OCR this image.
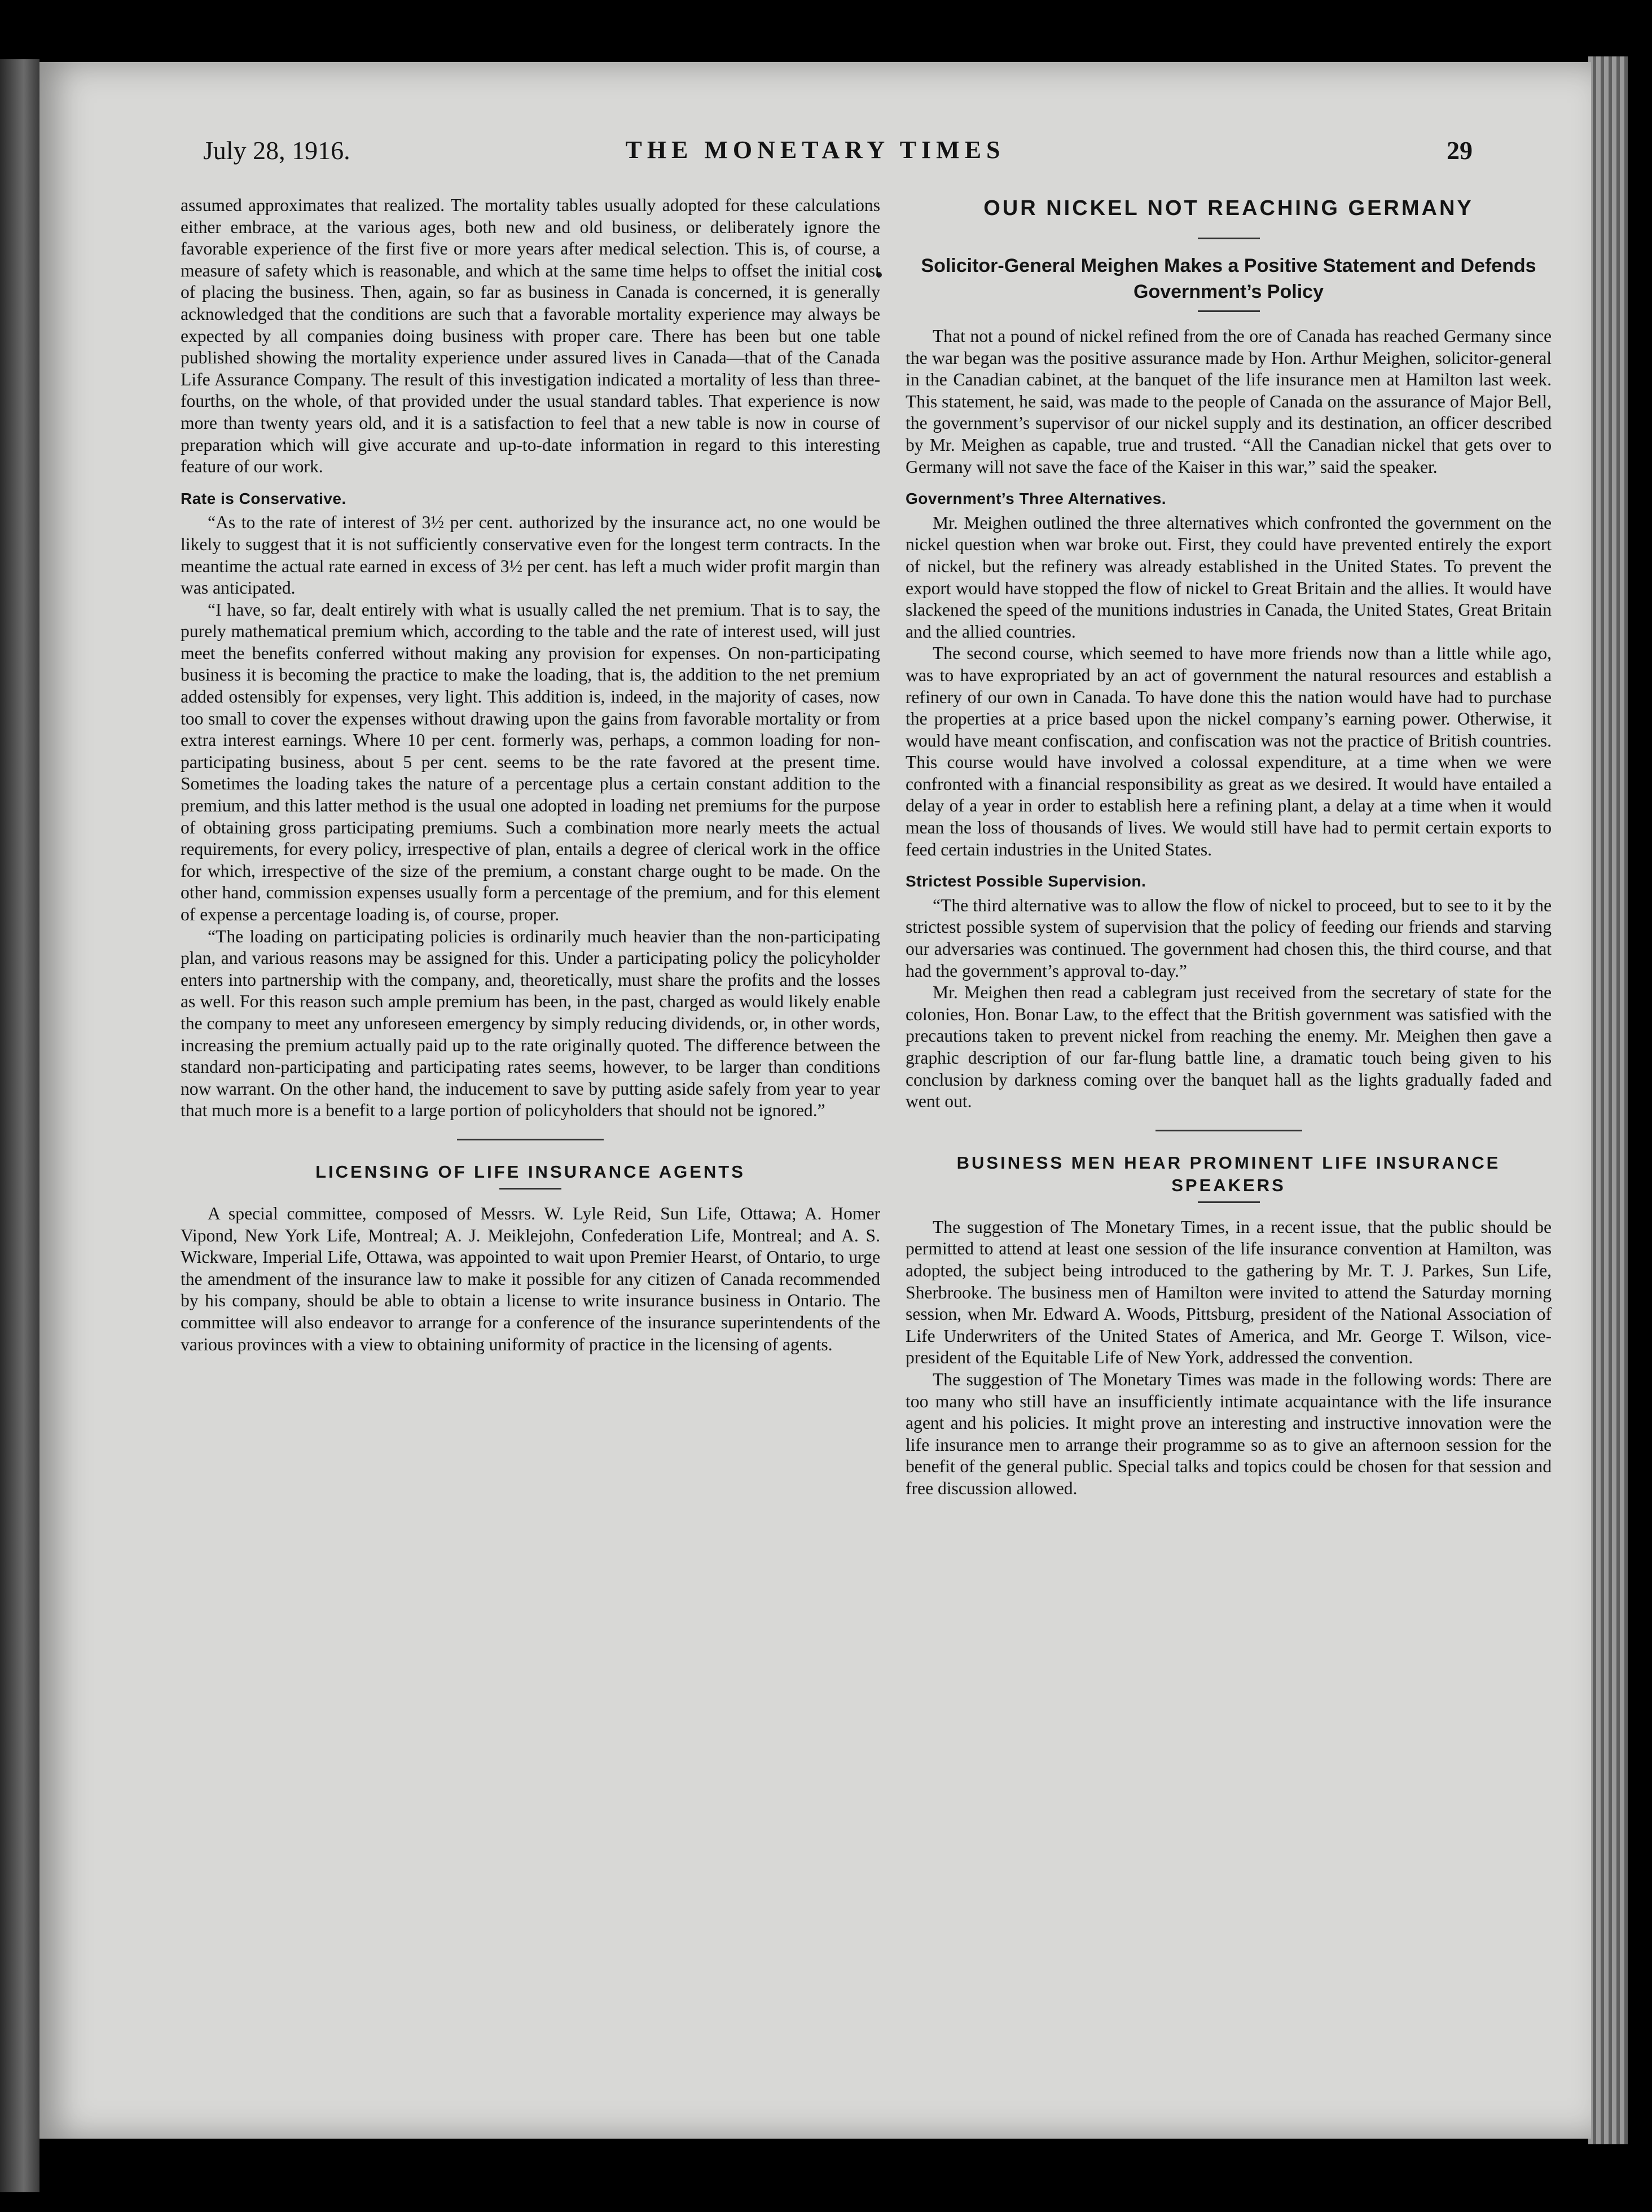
July 28, 1916.	THE MONETARY TIMES	29

assumed approximates that realized. The mortality tables usually adopted for these calculations either embrace, at the various ages, both new and old business, or deliberately ignore the favorable experience of the first five or more years after medical selection. This is, of course, a measure of safety which is reasonable, and which at the same time helps to offset the initial cost of placing the business. Then, again, so far as business in Canada is concerned, it is generally acknowledged that the conditions are such that a favorable mortality experience may always be expected by all companies doing business with proper care. There has been but one table published showing the mortality experience under assured lives in Canada—that of the Canada Life Assurance Company. The result of this investigation indicated a mortality of less than three-fourths, on the whole, of that provided under the usual standard tables. That experience is now more than twenty years old, and it is a satisfaction to feel that a new table is now in course of preparation which will give accurate and up-to-date information in regard to this interesting feature of our work.

Rate is Conservative.

“As to the rate of interest of 3½ per cent. authorized by the insurance act, no one would be likely to suggest that it is not sufficiently conservative even for the longest term contracts. In the meantime the actual rate earned in excess of 3½ per cent. has left a much wider profit margin than was anticipated.

“I have, so far, dealt entirely with what is usually called the net premium. That is to say, the purely mathematical premium which, according to the table and the rate of interest used, will just meet the benefits conferred without making any provision for expenses. On non-participating business it is becoming the practice to make the loading, that is, the addition to the net premium added ostensibly for expenses, very light. This addition is, indeed, in the majority of cases, now too small to cover the expenses without drawing upon the gains from favorable mortality or from extra interest earnings. Where 10 per cent. formerly was, perhaps, a common loading for non-participating business, about 5 per cent. seems to be the rate favored at the present time. Sometimes the loading takes the nature of a percentage plus a certain constant addition to the premium, and this latter method is the usual one adopted in loading net premiums for the purpose of obtaining gross participating premiums. Such a combination more nearly meets the actual requirements, for every policy, irrespective of plan, entails a degree of clerical work in the office for which, irrespective of the size of the premium, a constant charge ought to be made. On the other hand, commission expenses usually form a percentage of the premium, and for this element of expense a percentage loading is, of course, proper.

“The loading on participating policies is ordinarily much heavier than the non-participating plan, and various reasons may be assigned for this. Under a participating policy the policyholder enters into partnership with the company, and, theoretically, must share the profits and the losses as well. For this reason such ample premium has been, in the past, charged as would likely enable the company to meet any unforeseen emergency by simply reducing dividends, or, in other words, increasing the premium actually paid up to the rate originally quoted. The difference between the standard non-participating and participating rates seems, however, to be larger than conditions now warrant. On the other hand, the inducement to save by putting aside safely from year to year that much more is a benefit to a large portion of policyholders that should not be ignored.”

LICENSING OF LIFE INSURANCE AGENTS

A special committee, composed of Messrs. W. Lyle Reid, Sun Life, Ottawa; A. Homer Vipond, New York Life, Montreal; A. J. Meiklejohn, Confederation Life, Montreal; and A. S. Wickware, Imperial Life, Ottawa, was appointed to wait upon Premier Hearst, of Ontario, to urge the amendment of the insurance law to make it possible for any citizen of Canada recommended by his company, should be able to obtain a license to write insurance business in Ontario. The committee will also endeavor to arrange for a conference of the insurance superintendents of the various provinces with a view to obtaining uniformity of practice in the licensing of agents.

OUR NICKEL NOT REACHING GERMANY
Solicitor-General Meighen Makes a Positive Statement and Defends Government’s Policy

That not a pound of nickel refined from the ore of Canada has reached Germany since the war began was the positive assurance made by Hon. Arthur Meighen, solicitor-general in the Canadian cabinet, at the banquet of the life insurance men at Hamilton last week. This statement, he said, was made to the people of Canada on the assurance of Major Bell, the government’s supervisor of our nickel supply and its destination, an officer described by Mr. Meighen as capable, true and trusted. “All the Canadian nickel that gets over to Germany will not save the face of the Kaiser in this war,” said the speaker.

Government’s Three Alternatives.

Mr. Meighen outlined the three alternatives which confronted the government on the nickel question when war broke out. First, they could have prevented entirely the export of nickel, but the refinery was already established in the United States. To prevent the export would have stopped the flow of nickel to Great Britain and the allies. It would have slackened the speed of the munitions industries in Canada, the United States, Great Britain and the allied countries.

The second course, which seemed to have more friends now than a little while ago, was to have expropriated by an act of government the natural resources and establish a refinery of our own in Canada. To have done this the nation would have had to purchase the properties at a price based upon the nickel company’s earning power. Otherwise, it would have meant confiscation, and confiscation was not the practice of British countries. This course would have involved a colossal expenditure, at a time when we were confronted with a financial responsibility as great as we desired. It would have entailed a delay of a year in order to establish here a refining plant, a delay at a time when it would mean the loss of thousands of lives. We would still have had to permit certain exports to feed certain industries in the United States.

Strictest Possible Supervision.

“The third alternative was to allow the flow of nickel to proceed, but to see to it by the strictest possible system of supervision that the policy of feeding our friends and starving our adversaries was continued. The government had chosen this, the third course, and that had the government’s approval to-day.”

Mr. Meighen then read a cablegram just received from the secretary of state for the colonies, Hon. Bonar Law, to the effect that the British government was satisfied with the precautions taken to prevent nickel from reaching the enemy. Mr. Meighen then gave a graphic description of our far-flung battle line, a dramatic touch being given to his conclusion by darkness coming over the banquet hall as the lights gradually faded and went out.

BUSINESS MEN HEAR PROMINENT LIFE INSURANCE SPEAKERS

The suggestion of The Monetary Times, in a recent issue, that the public should be permitted to attend at least one session of the life insurance convention at Hamilton, was adopted, the subject being introduced to the gathering by Mr. T. J. Parkes, Sun Life, Sherbrooke. The business men of Hamilton were invited to attend the Saturday morning session, when Mr. Edward A. Woods, Pittsburg, president of the National Association of Life Underwriters of the United States of America, and Mr. George T. Wilson, vice-president of the Equitable Life of New York, addressed the convention.

The suggestion of The Monetary Times was made in the following words: There are too many who still have an insufficiently intimate acquaintance with the life insurance agent and his policies. It might prove an interesting and instructive innovation were the life insurance men to arrange their programme so as to give an afternoon session for the benefit of the general public. Special talks and topics could be chosen for that session and free discussion allowed.
